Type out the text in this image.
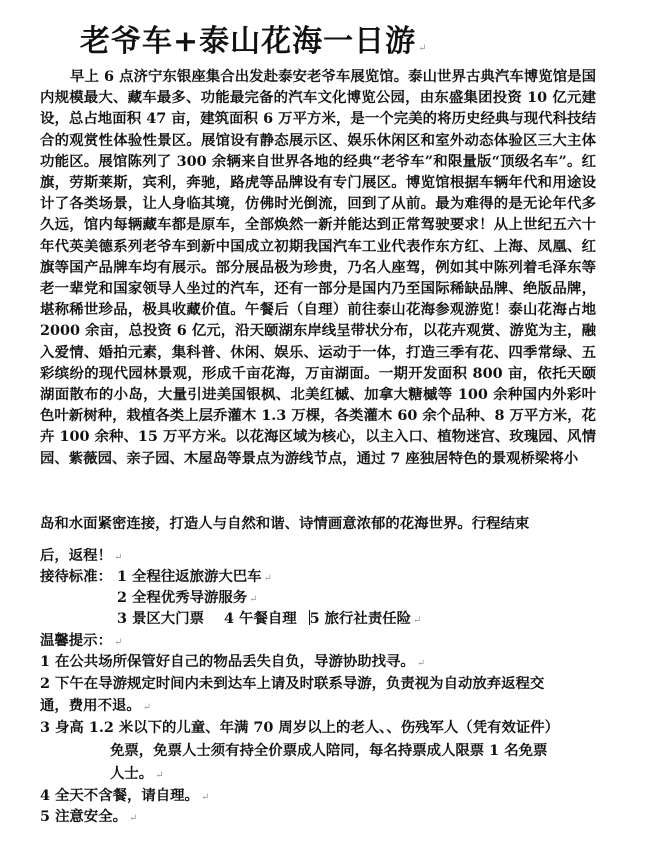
老爷车+泰山花海一日游 ↵

早上 6 点济宁东银座集合出发赴泰安老爷车展览馆。泰山世界古典汽车博览馆是国内规模最大、藏车最多、功能最完备的汽车文化博览公园，由东盛集团投资 10 亿元建设，总占地面积 47 亩，建筑面积 6 万平方米，是一个完美的将历史经典与现代科技结合的观赏性体验性景区。展馆设有静态展示区、娱乐休闲区和室外动态体验区三大主体功能区。展馆陈列了 300 余辆来自世界各地的经典“老爷车”和限量版“顶级名车”。红旗，劳斯莱斯，宾利，奔驰，路虎等品牌设有专门展区。博览馆根据车辆年代和用途设计了各类场景，让人身临其境，仿佛时光倒流，回到了从前。最为难得的是无论年代多久远，馆内每辆藏车都是原车，全部焕然一新并能达到正常驾驶要求！从上世纪五六十年代英美德系列老爷车到新中国成立初期我国汽车工业代表作东方红、上海、凤凰、红旗等国产品牌车均有展示。部分展品极为珍贵，乃名人座驾，例如其中陈列着毛泽东等老一辈党和国家领导人坐过的汽车，还有一部分是国内乃至国际稀缺品牌、绝版品牌，堪称稀世珍品，极具收藏价值。午餐后（自理）前往泰山花海参观游览！泰山花海占地 2000 余亩，总投资 6 亿元，沿天颐湖东岸线呈带状分布，以花卉观赏、游览为主，融入爱情、婚拍元素，集科普、休闲、娱乐、运动于一体，打造三季有花、四季常绿、五彩缤纷的现代园林景观，形成千亩花海，万亩湖面。一期开发面积 800 亩，依托天颐湖面散布的小岛，大量引进美国银枫、北美红槭、加拿大糖槭等 100 余种国内外彩叶色叶新树种，栽植各类上层乔灌木 1.3 万棵，各类灌木 60 余个品种、8 万平方米，花卉 100 余种、15 万平方米。以花海区域为核心，以主入口、植物迷宫、玫瑰园、风情园、紫薇园、亲子园、木屋岛等景点为游线节点，通过 7 座独居特色的景观桥梁将小

岛和水面紧密连接，打造人与自然和谐、诗情画意浓郁的花海世界。行程结束
后，返程！ ↵
接待标准： 1 全程往返旅游大巴车 ↵
2 全程优秀导游服务 ↵
3 景区大门票 4 午餐自理 5 旅行社责任险 ↵
温馨提示： ↵
1 在公共场所保管好自己的物品丢失自负，导游协助找寻。 ↵
2 下午在导游规定时间内未到达车上请及时联系导游，负责视为自动放弃返程交
通，费用不退。 ↵
3 身高 1.2 米以下的儿童、年满 70 周岁以上的老人、、伤残军人（凭有效证件）
免票，免票人士须有持全价票成人陪同，每名持票成人限票 1 名免票
人士。 ↵
4 全天不含餐，请自理。 ↵
5 注意安全。 ↵
